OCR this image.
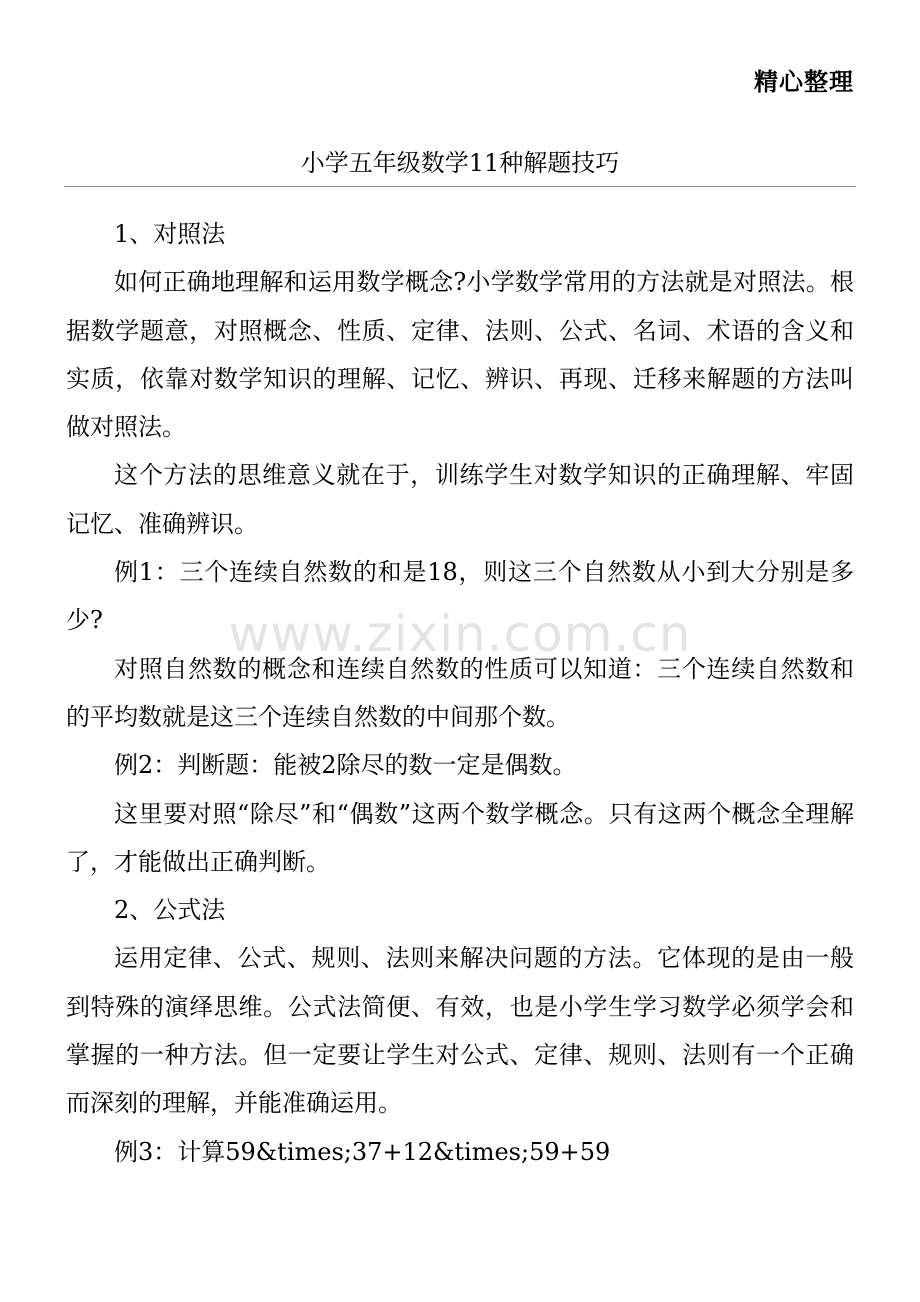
精心整理
小学五年级数学11种解题技巧
www.zixin.com.cn

1、对照法

如何正确地理解和运用数学概念?小学数学常用的方法就是对照法。根据数学题意，对照概念、性质、定律、法则、公式、名词、术语的含义和实质，依靠对数学知识的理解、记忆、辨识、再现、迁移来解题的方法叫做对照法。

这个方法的思维意义就在于，训练学生对数学知识的正确理解、牢固记忆、准确辨识。

例1：三个连续自然数的和是18，则这三个自然数从小到大分别是多少?

对照自然数的概念和连续自然数的性质可以知道：三个连续自然数和的平均数就是这三个连续自然数的中间那个数。

例2：判断题：能被2除尽的数一定是偶数。

这里要对照“除尽”和“偶数”这两个数学概念。只有这两个概念全理解了，才能做出正确判断。

2、公式法

运用定律、公式、规则、法则来解决问题的方法。它体现的是由一般到特殊的演绎思维。公式法简便、有效，也是小学生学习数学必须学会和掌握的一种方法。但一定要让学生对公式、定律、规则、法则有一个正确而深刻的理解，并能准确运用。

例3：计算59&times;37+12&times;59+59
